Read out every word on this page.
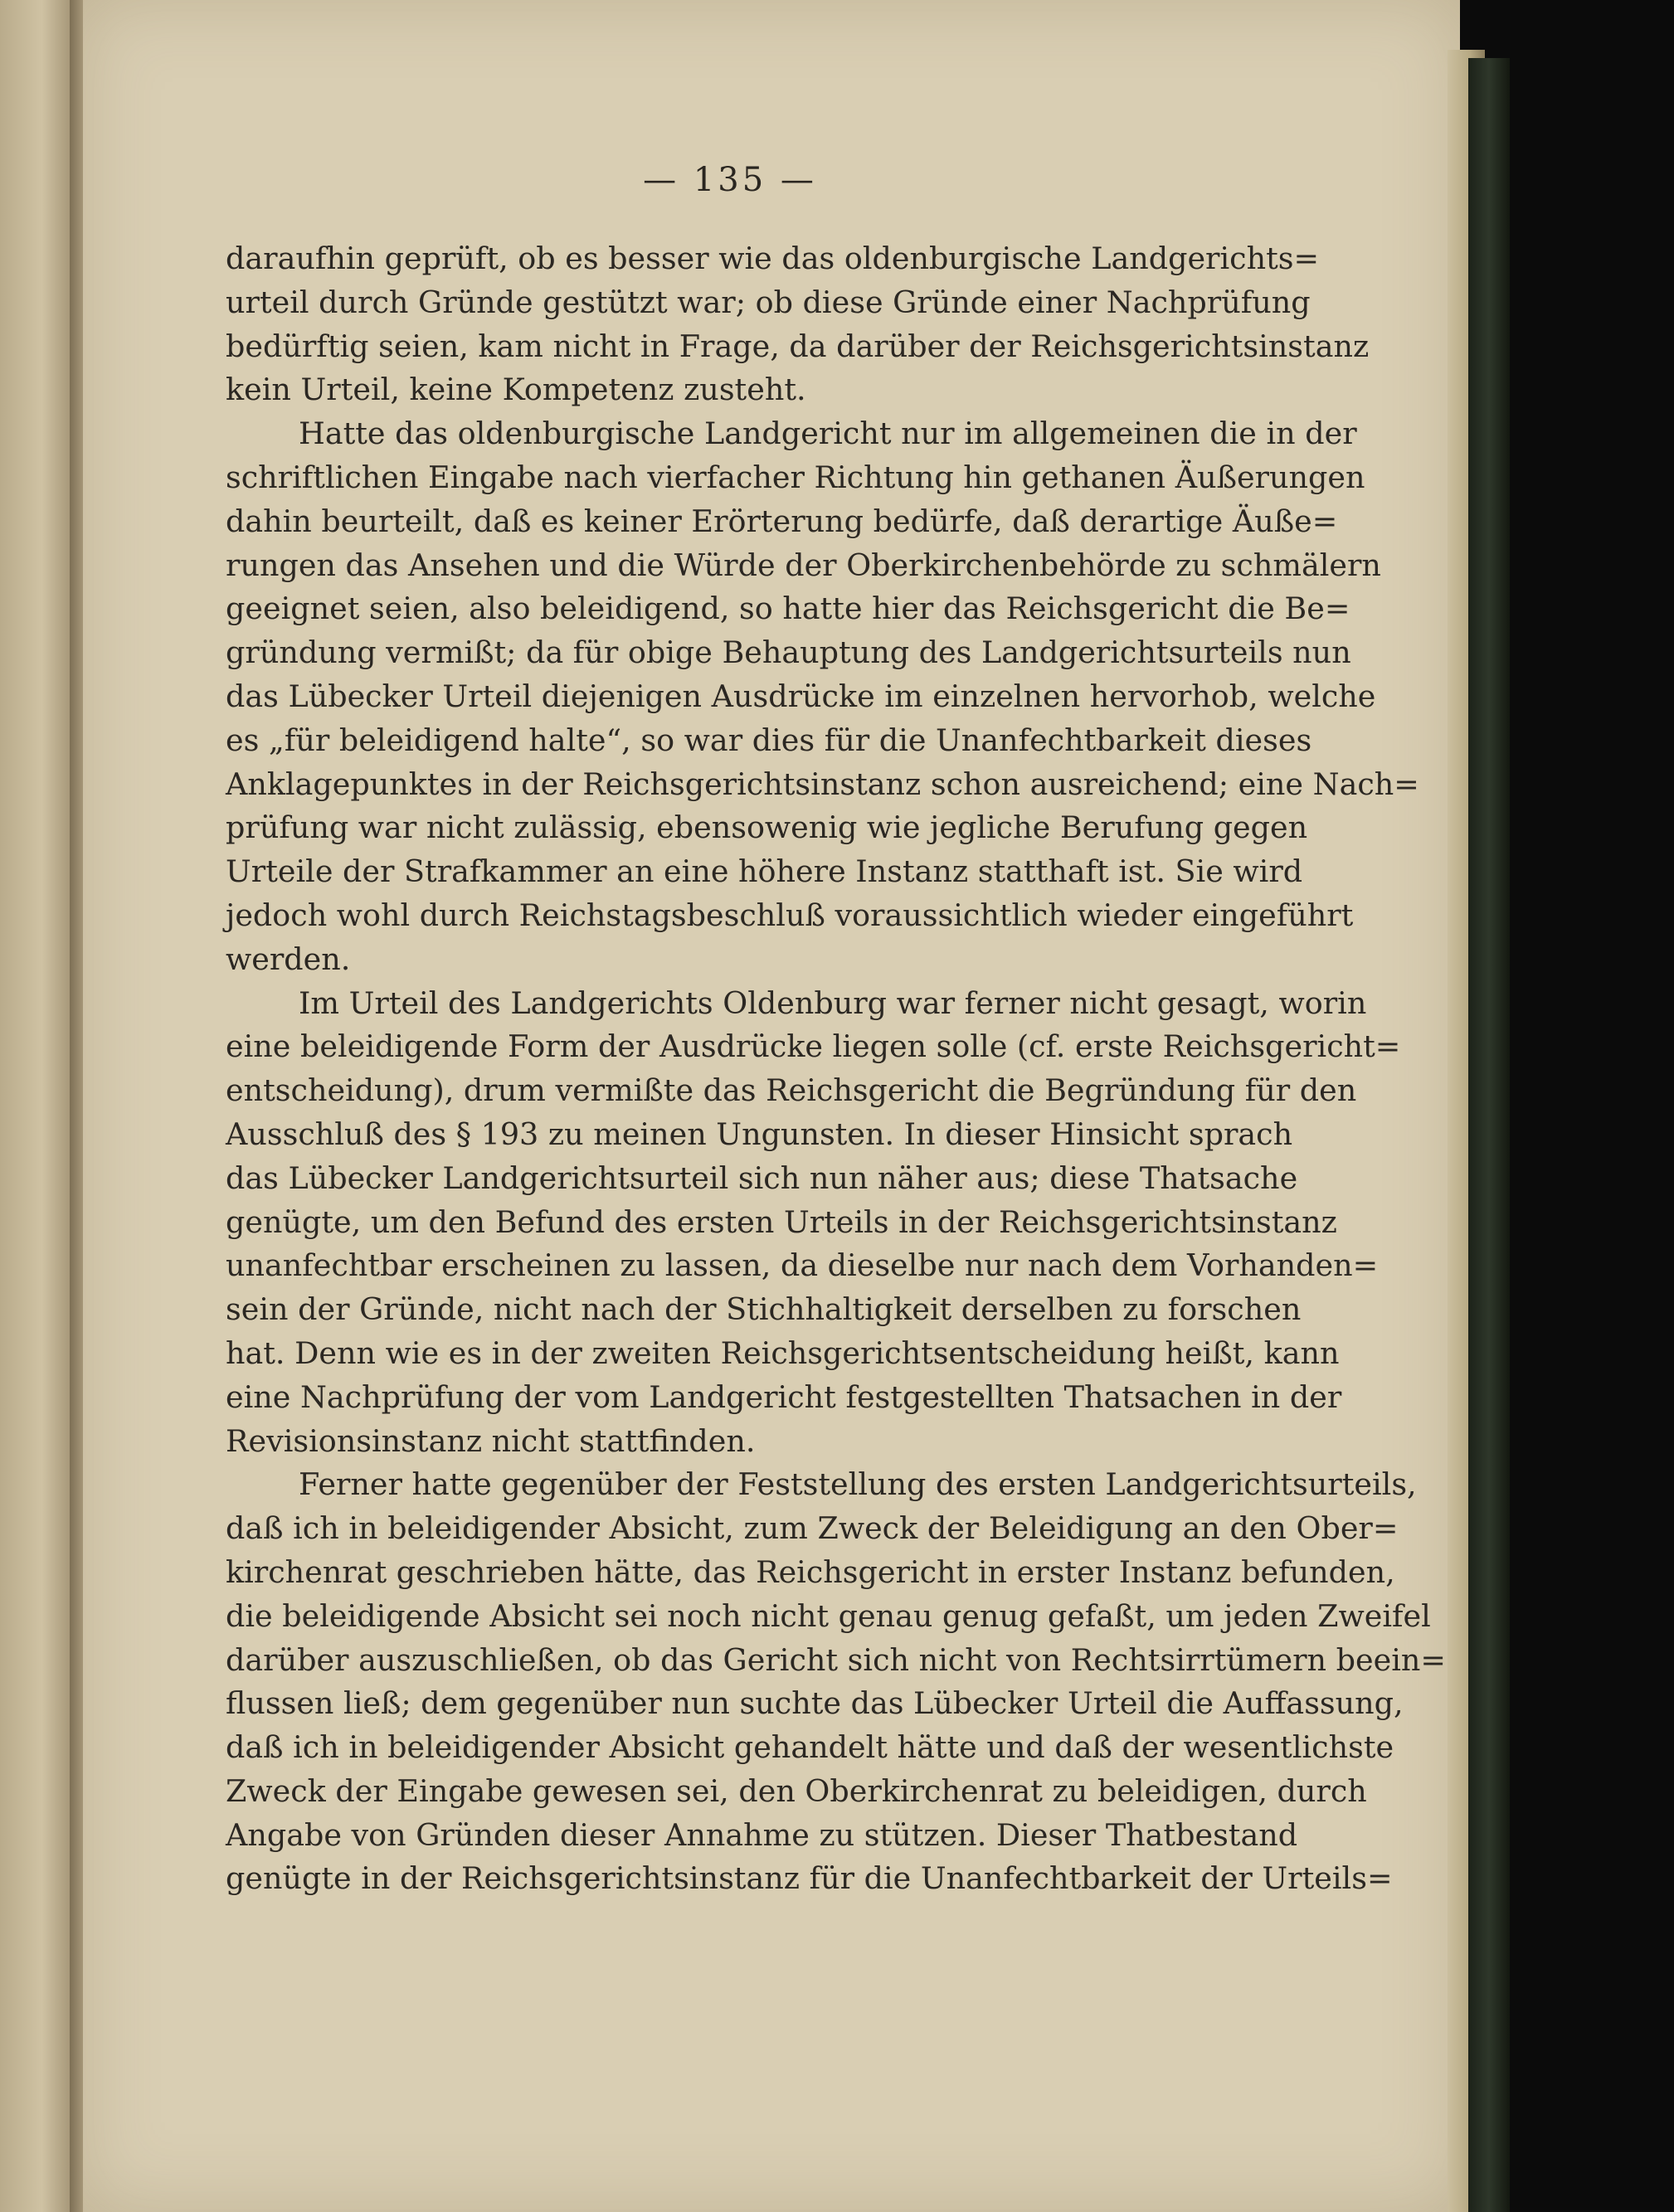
— 135 —
daraufhin geprüft, ob es besser wie das oldenburgische Landgerichts=
urteil durch Gründe gestützt war; ob diese Gründe einer Nachprüfung
bedürftig seien, kam nicht in Frage, da darüber der Reichsgerichtsinstanz
kein Urteil, keine Kompetenz zusteht.
Hatte das oldenburgische Landgericht nur im allgemeinen die in der
schriftlichen Eingabe nach vierfacher Richtung hin gethanen Äußerungen
dahin beurteilt, daß es keiner Erörterung bedürfe, daß derartige Äuße=
rungen das Ansehen und die Würde der Oberkirchenbehörde zu schmälern
geeignet seien, also beleidigend, so hatte hier das Reichsgericht die Be=
gründung vermißt; da für obige Behauptung des Landgerichtsurteils nun
das Lübecker Urteil diejenigen Ausdrücke im einzelnen hervorhob, welche
es „für beleidigend halte“, so war dies für die Unanfechtbarkeit dieses
Anklagepunktes in der Reichsgerichtsinstanz schon ausreichend; eine Nach=
prüfung war nicht zulässig, ebensowenig wie jegliche Berufung gegen
Urteile der Strafkammer an eine höhere Instanz statthaft ist. Sie wird
jedoch wohl durch Reichstagsbeschluß voraussichtlich wieder eingeführt
werden.
Im Urteil des Landgerichts Oldenburg war ferner nicht gesagt, worin
eine beleidigende Form der Ausdrücke liegen solle (cf. erste Reichsgericht=
entscheidung), drum vermißte das Reichsgericht die Begründung für den
Ausschluß des § 193 zu meinen Ungunsten. In dieser Hinsicht sprach
das Lübecker Landgerichtsurteil sich nun näher aus; diese Thatsache
genügte, um den Befund des ersten Urteils in der Reichsgerichtsinstanz
unanfechtbar erscheinen zu lassen, da dieselbe nur nach dem Vorhanden=
sein der Gründe, nicht nach der Stichhaltigkeit derselben zu forschen
hat. Denn wie es in der zweiten Reichsgerichtsentscheidung heißt, kann
eine Nachprüfung der vom Landgericht festgestellten Thatsachen in der
Revisionsinstanz nicht stattfinden.
Ferner hatte gegenüber der Feststellung des ersten Landgerichtsurteils,
daß ich in beleidigender Absicht, zum Zweck der Beleidigung an den Ober=
kirchenrat geschrieben hätte, das Reichsgericht in erster Instanz befunden,
die beleidigende Absicht sei noch nicht genau genug gefaßt, um jeden Zweifel
darüber auszuschließen, ob das Gericht sich nicht von Rechtsirrtümern beein=
flussen ließ; dem gegenüber nun suchte das Lübecker Urteil die Auffassung,
daß ich in beleidigender Absicht gehandelt hätte und daß der wesentlichste
Zweck der Eingabe gewesen sei, den Oberkirchenrat zu beleidigen, durch
Angabe von Gründen dieser Annahme zu stützen. Dieser Thatbestand
genügte in der Reichsgerichtsinstanz für die Unanfechtbarkeit der Urteils=
